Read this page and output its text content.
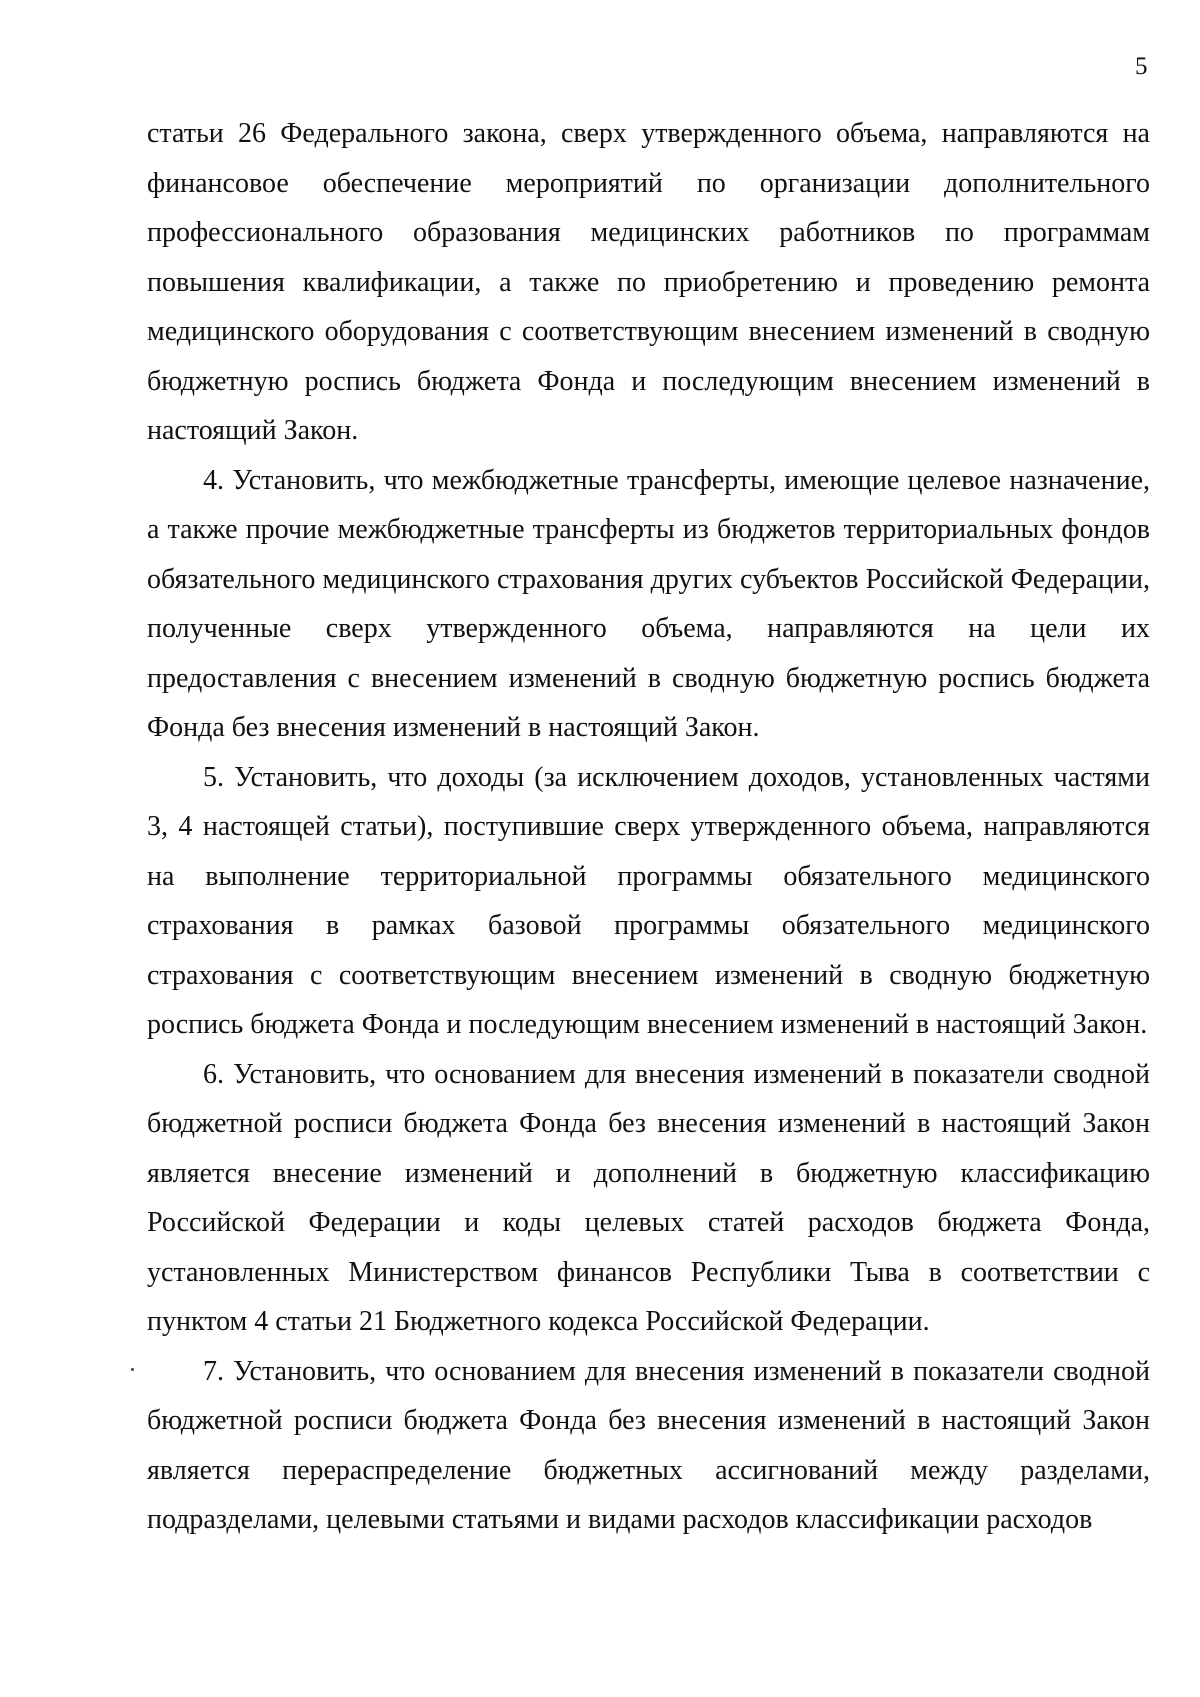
5

статьи 26 Федерального закона, сверх утвержденного объема, направляются на финансовое обеспечение мероприятий по организации дополнительного профессионального образования медицинских работников по программам повышения квалификации, а также по приобретению и проведению ремонта медицинского оборудования с соответствующим внесением изменений в сводную бюджетную роспись бюджета Фонда и последующим внесением изменений в настоящий Закон.

4. Установить, что межбюджетные трансферты, имеющие целевое назначение, а также прочие межбюджетные трансферты из бюджетов территориальных фондов обязательного медицинского страхования других субъектов Российской Федерации, полученные сверх утвержденного объема, направляются на цели их предоставления с внесением изменений в сводную бюджетную роспись бюджета Фонда без внесения изменений в настоящий Закон.

5. Установить, что доходы (за исключением доходов, установленных частями 3, 4 настоящей статьи), поступившие сверх утвержденного объема, направляются на выполнение территориальной программы обязательного медицинского страхования в рамках базовой программы обязательного медицинского страхования с соответствующим внесением изменений в сводную бюджетную роспись бюджета Фонда и последующим внесением изменений в настоящий Закон.

6. Установить, что основанием для внесения изменений в показатели сводной бюджетной росписи бюджета Фонда без внесения изменений в настоящий Закон является внесение изменений и дополнений в бюджетную классификацию Российской Федерации и коды целевых статей расходов бюджета Фонда, установленных Министерством финансов Республики Тыва в соответствии с пунктом 4 статьи 21 Бюджетного кодекса Российской Федерации.

7. Установить, что основанием для внесения изменений в показатели сводной бюджетной росписи бюджета Фонда без внесения изменений в настоящий Закон является перераспределение бюджетных ассигнований между разделами, подразделами, целевыми статьями и видами расходов классификации расходов
